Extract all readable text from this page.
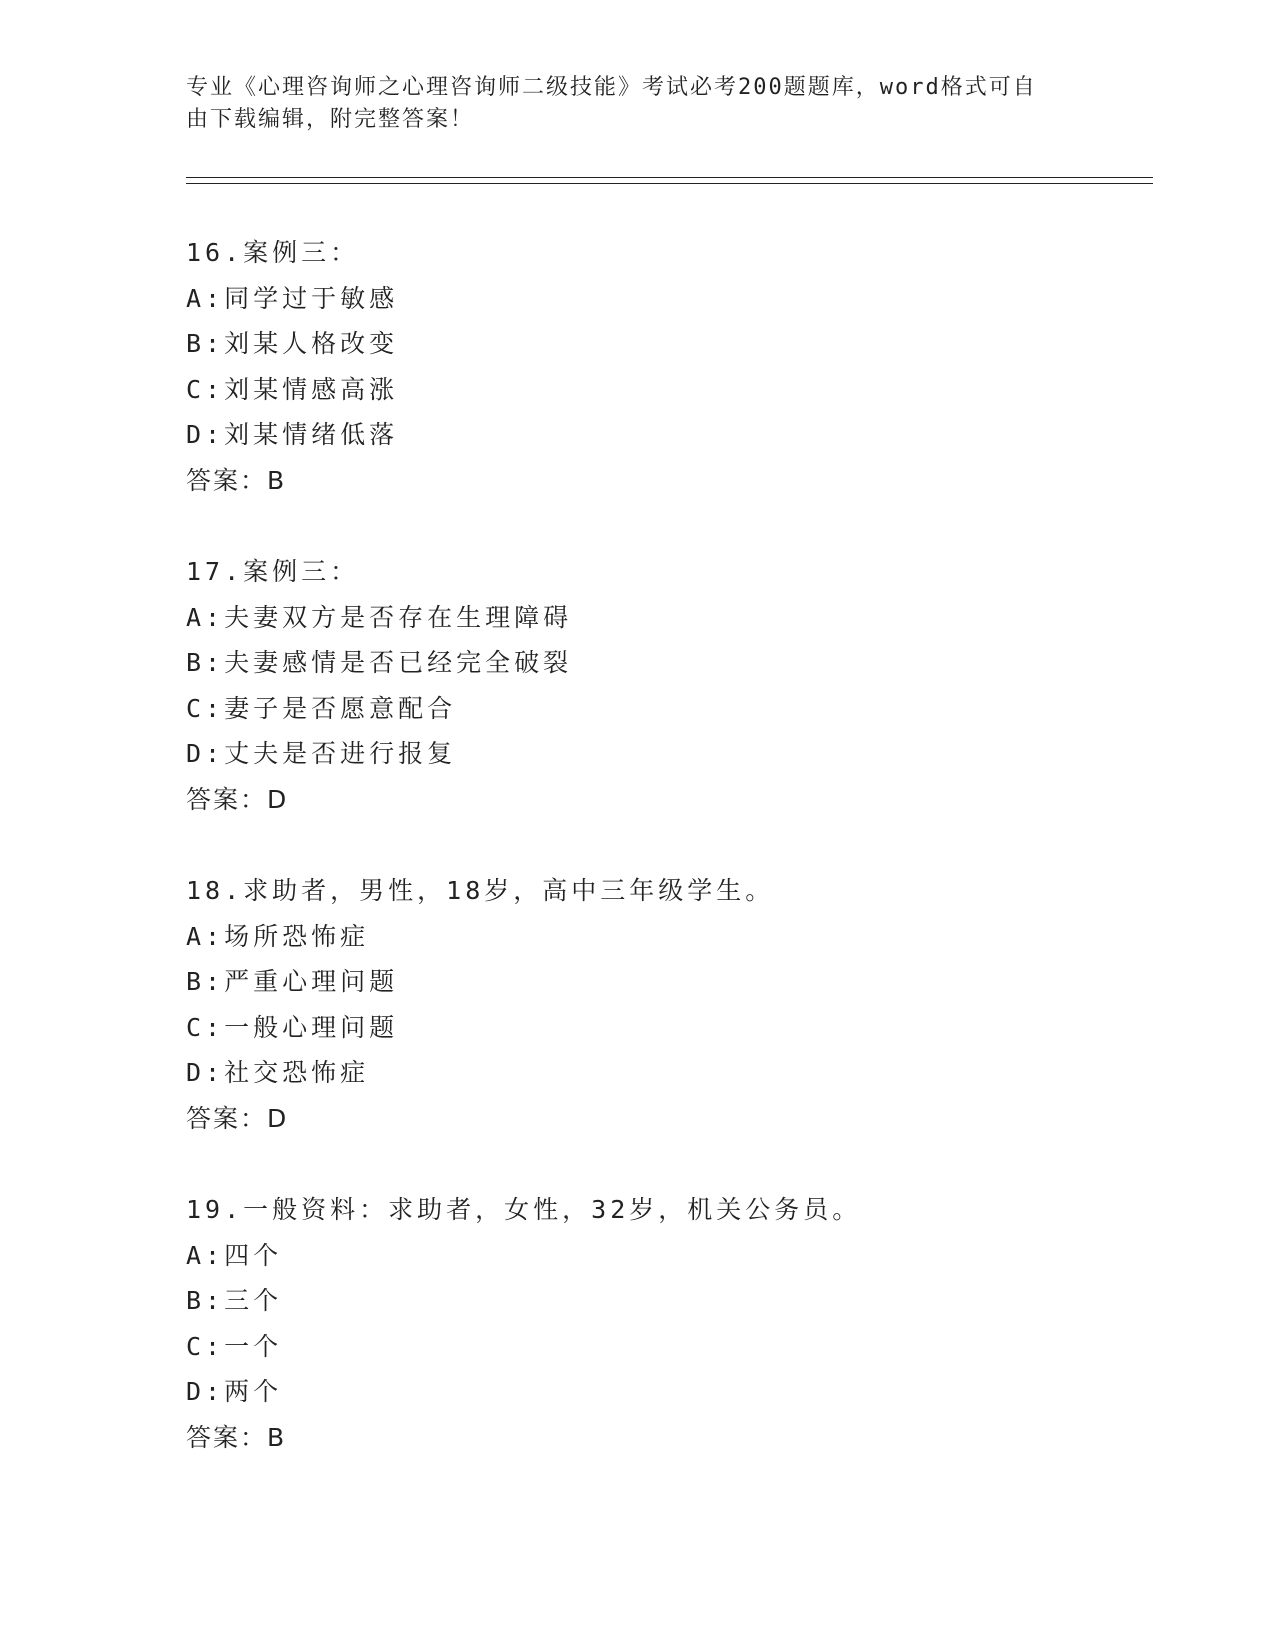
专业《心理咨询师之心理咨询师二级技能》考试必考200题题库，word格式可自
由下载编辑，附完整答案！
16.案例三：
A:同学过于敏感
B:刘某人格改变
C:刘某情感高涨
D:刘某情绪低落
答案：B
17.案例三：
A:夫妻双方是否存在生理障碍
B:夫妻感情是否已经完全破裂
C:妻子是否愿意配合
D:丈夫是否进行报复
答案：D
18.求助者，男性，18岁，高中三年级学生。
A:场所恐怖症
B:严重心理问题
C:一般心理问题
D:社交恐怖症
答案：D
19.一般资料：求助者，女性，32岁，机关公务员。
A:四个
B:三个
C:一个
D:两个
答案：B
